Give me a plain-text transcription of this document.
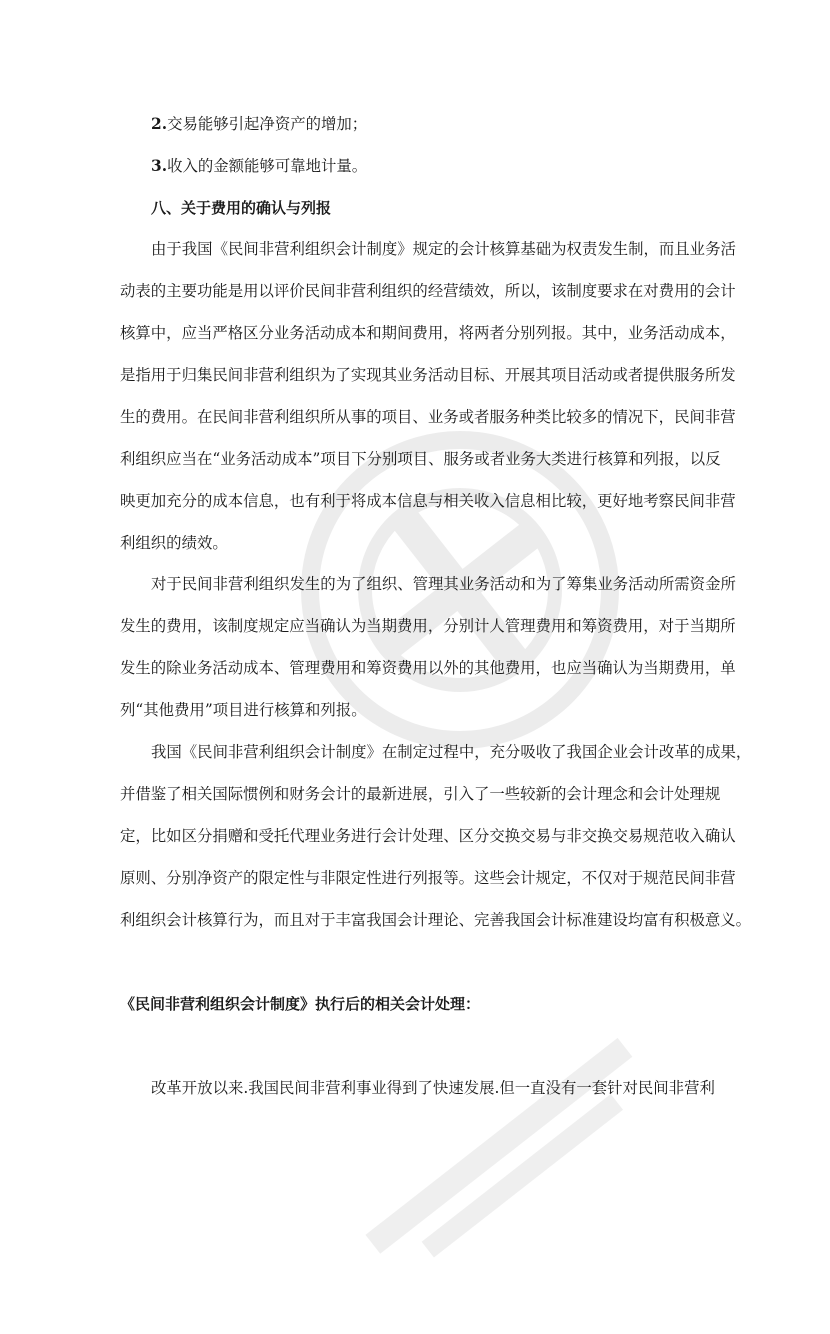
2.交易能够引起净资产的增加；
3.收入的金额能够可靠地计量。
八、关于费用的确认与列报
由于我国《民间非营利组织会计制度》规定的会计核算基础为权责发生制，而且业务活
动表的主要功能是用以评价民间非营利组织的经营绩效，所以，该制度要求在对费用的会计
核算中，应当严格区分业务活动成本和期间费用，将两者分别列报。其中，业务活动成本，
是指用于归集民间非营利组织为了实现其业务活动目标、开展其项目活动或者提供服务所发
生的费用。在民间非营利组织所从事的项目、业务或者服务种类比较多的情况下，民间非营
利组织应当在“业务活动成本”项目下分别项目、服务或者业务大类进行核算和列报，以反
映更加充分的成本信息，也有利于将成本信息与相关收入信息相比较，更好地考察民间非营
利组织的绩效。
对于民间非营利组织发生的为了组织、管理其业务活动和为了筹集业务活动所需资金所
发生的费用，该制度规定应当确认为当期费用，分别计人管理费用和筹资费用，对于当期所
发生的除业务活动成本、管理费用和筹资费用以外的其他费用，也应当确认为当期费用，单
列“其他费用”项目进行核算和列报。
我国《民间非营利组织会计制度》在制定过程中，充分吸收了我国企业会计改革的成果，
并借鉴了相关国际惯例和财务会计的最新进展，引入了一些较新的会计理念和会计处理规
定，比如区分捐赠和受托代理业务进行会计处理、区分交换交易与非交换交易规范收入确认
原则、分别净资产的限定性与非限定性进行列报等。这些会计规定，不仅对于规范民间非营
利组织会计核算行为，而且对于丰富我国会计理论、完善我国会计标准建设均富有积极意义。
《民间非营利组织会计制度》执行后的相关会计处理：
改革开放以来.我国民间非营利事业得到了快速发展.但一直没有一套针对民间非营利
